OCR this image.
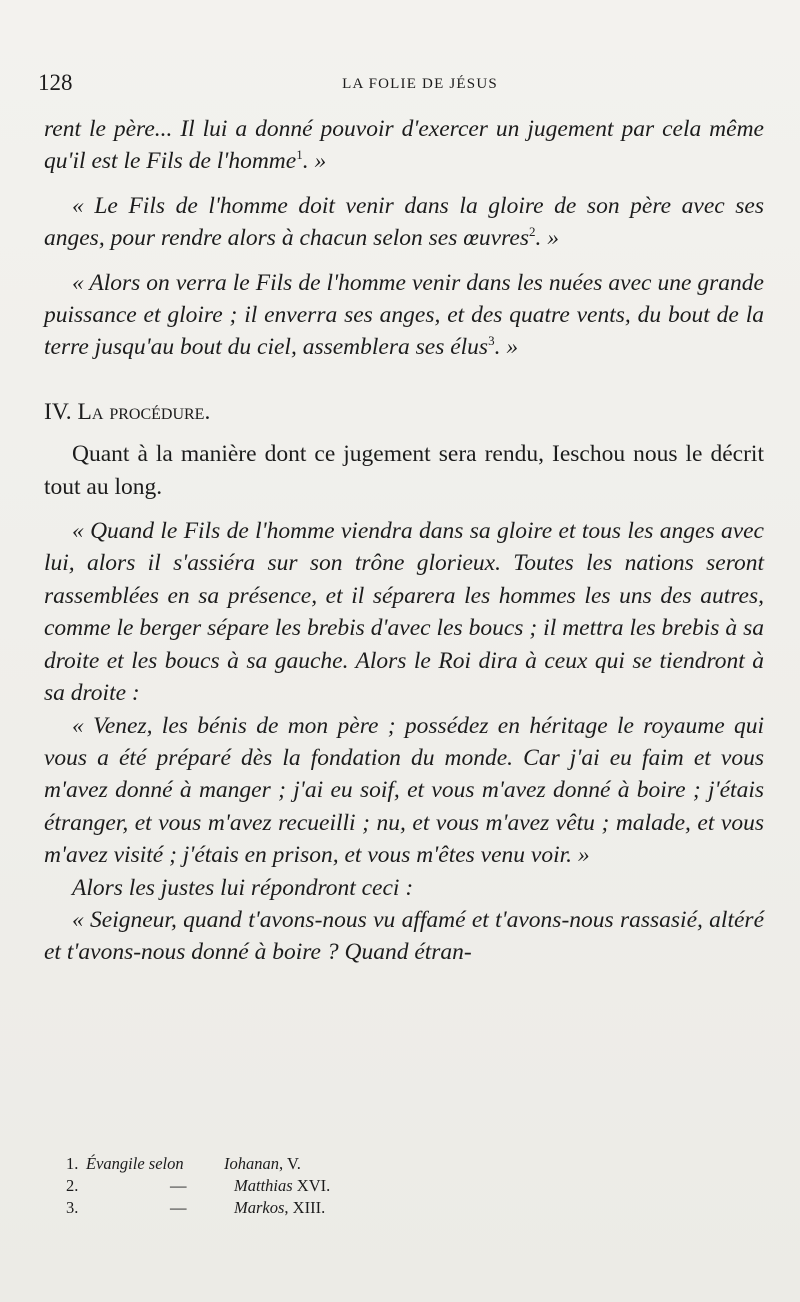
128	LA FOLIE DE JÉSUS

rent le père... Il lui a donné pouvoir d'exercer un jugement par cela même qu'il est le Fils de l'homme$^1$. »

« Le Fils de l'homme doit venir dans la gloire de son père avec ses anges, pour rendre alors à chacun selon ses œuvres$^2$. »

« Alors on verra le Fils de l'homme venir dans les nuées avec une grande puissance et gloire ; il enverra ses anges, et des quatre vents, du bout de la terre jusqu'au bout du ciel, assemblera ses élus$^3$. »

IV. La procédure.

Quant à la manière dont ce jugement sera rendu, Ieschou nous le décrit tout au long.

« Quand le Fils de l'homme viendra dans sa gloire et tous les anges avec lui, alors il s'assiéra sur son trône glorieux. Toutes les nations seront rassemblées en sa présence, et il séparera les hommes les uns des autres, comme le berger sépare les brebis d'avec les boucs ; il mettra les brebis à sa droite et les boucs à sa gauche. Alors le Roi dira à ceux qui se tiendront à sa droite :

« Venez, les bénis de mon père ; possédez en héritage le royaume qui vous a été préparé dès la fondation du monde. Car j'ai eu faim et vous m'avez donné à manger ; j'ai eu soif, et vous m'avez donné à boire ; j'étais étranger, et vous m'avez recueilli ; nu, et vous m'avez vêtu ; malade, et vous m'avez visité ; j'étais en prison, et vous m'êtes venu voir. »

Alors les justes lui répondront ceci :

« Seigneur, quand t'avons-nous vu affamé et t'avons-nous rassasié, altéré et t'avons-nous donné à boire ? Quand étran-

1. Évangile selon Iohanan, V.
2.	—	Matthias XVI.
3.	—	Markos, XIII.
